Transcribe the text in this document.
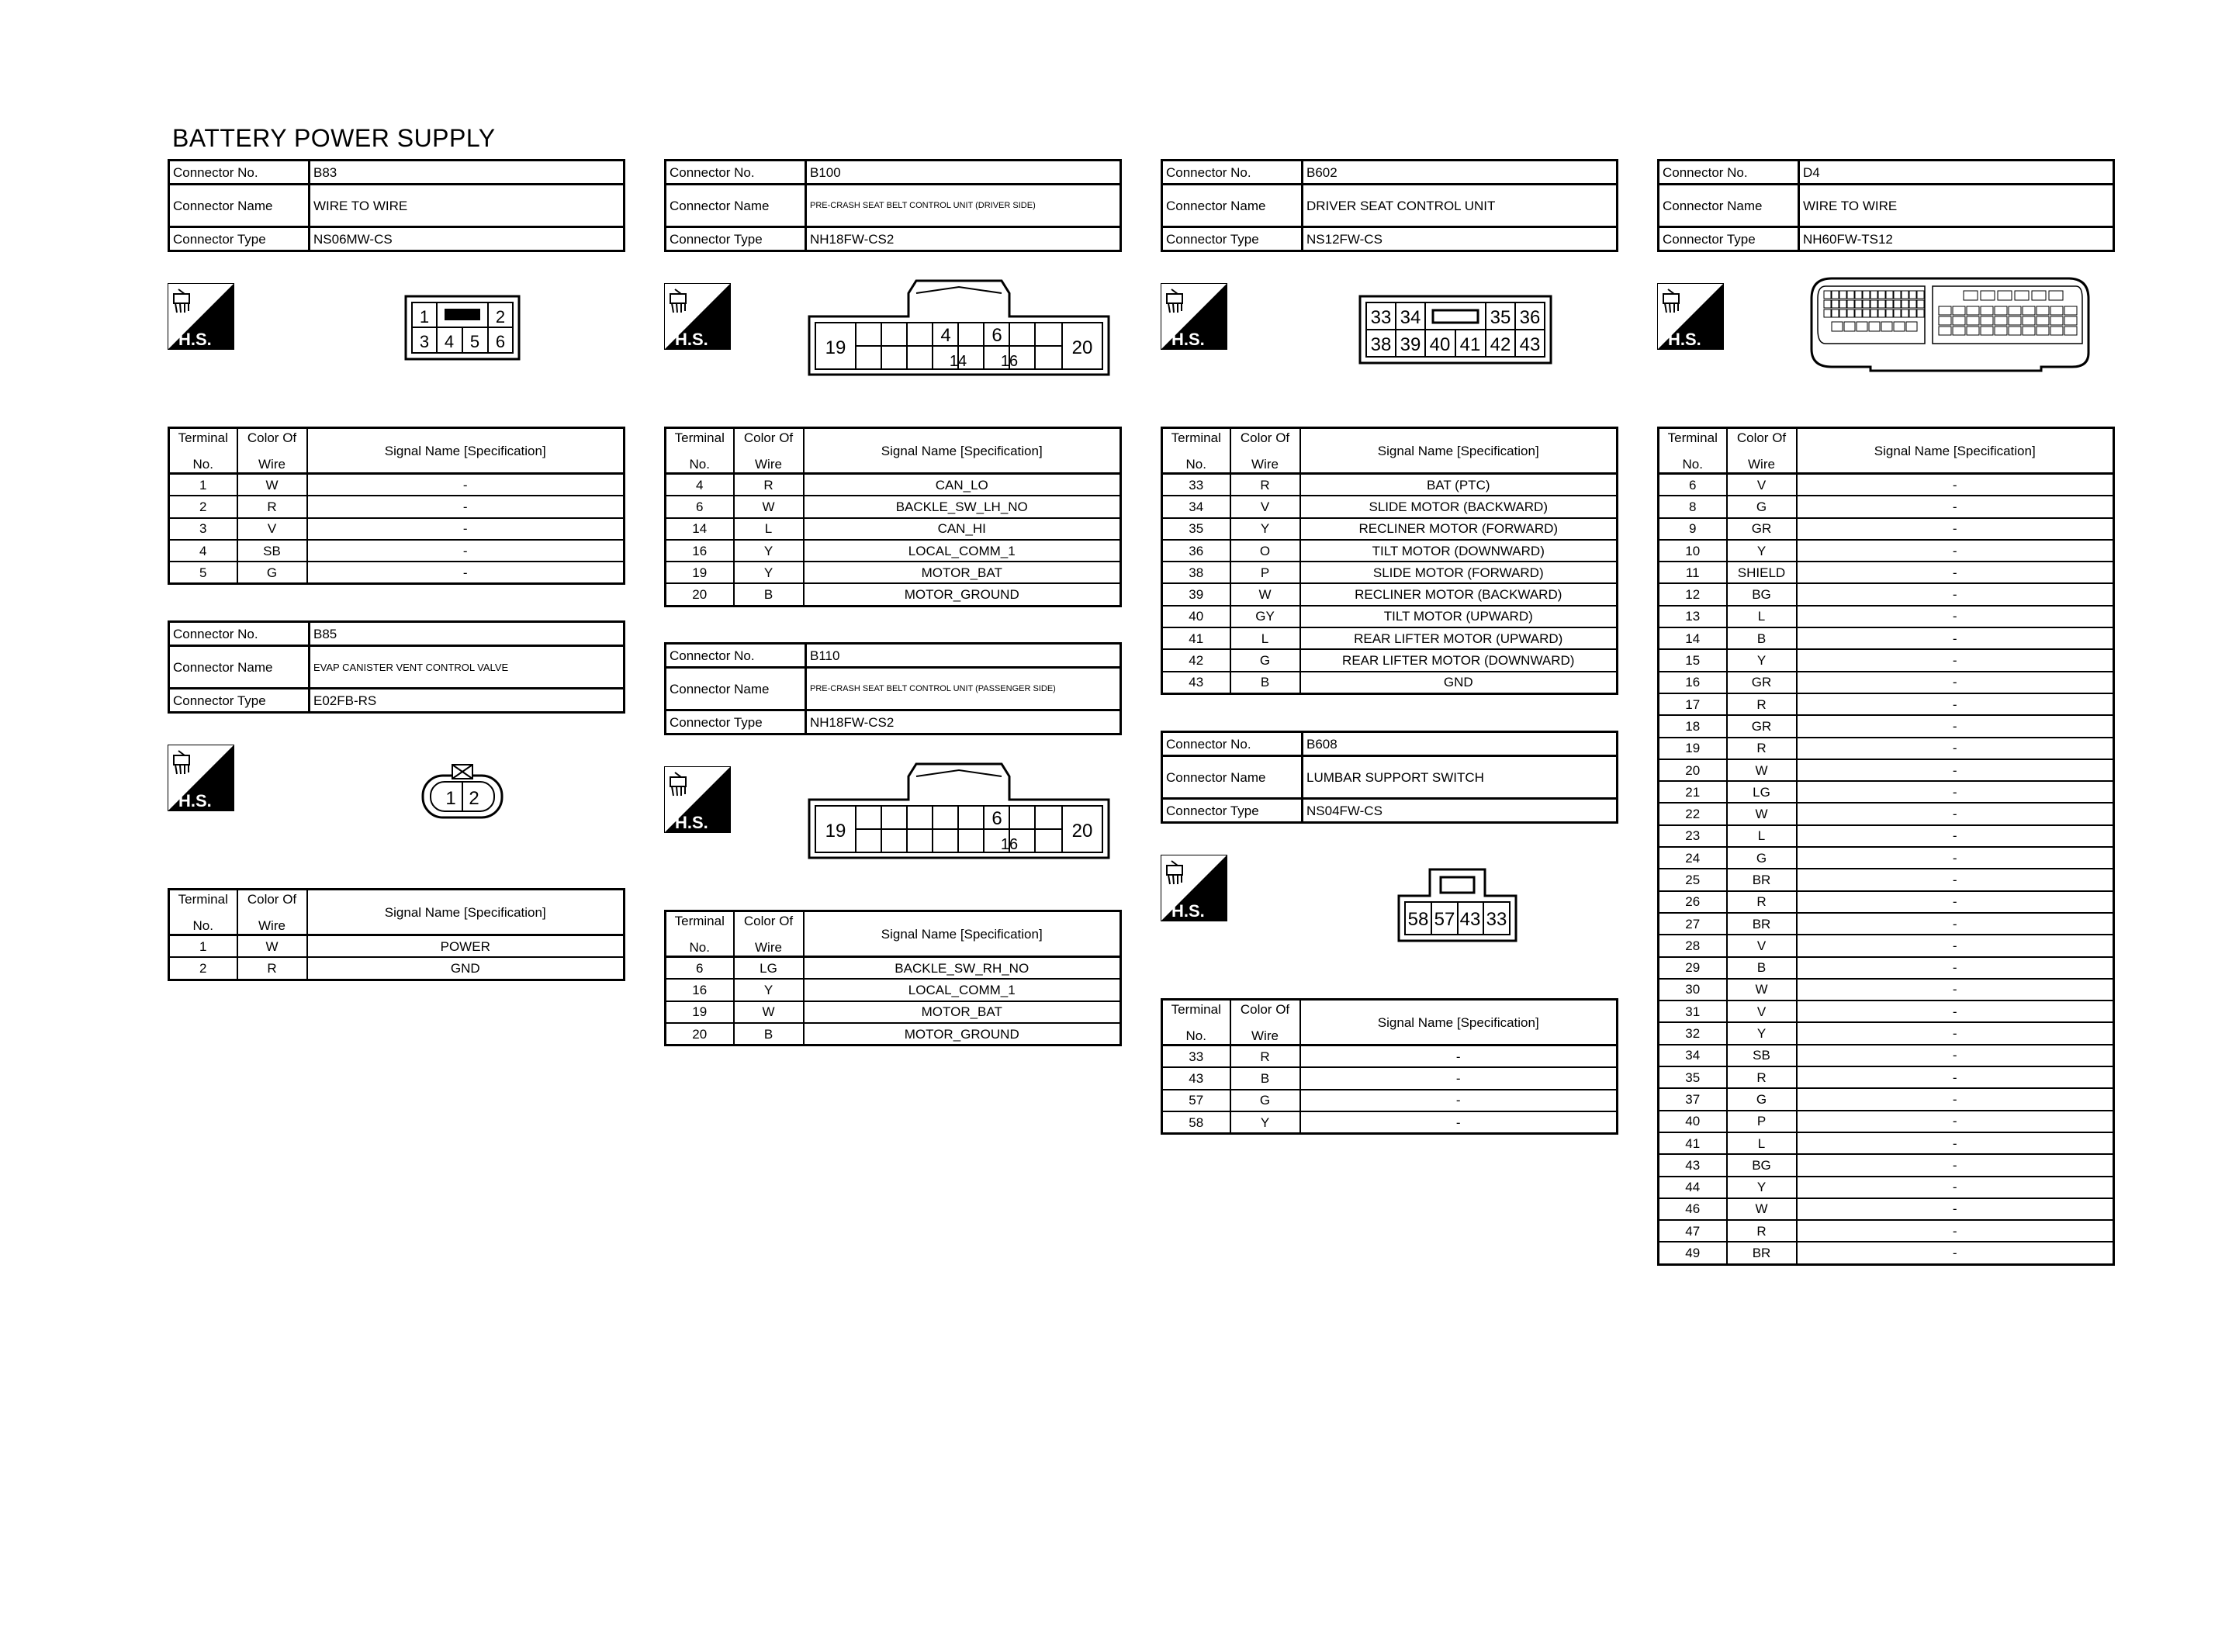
BATTERY POWER SUPPLY
Connector No.	B83
Connector Name	WIRE TO WIRE
Connector Type	NS06MW-CS
H.S.
1	2
3 4 5 6
Terminal

No.	Color Of

Wire	Signal Name [Specification]
1	W	-
2	R	-
3	V	-
4	SB	-
5	G	-
Connector No.	B85
Connector Name	EVAP CANISTER VENT CONTROL VALVE
Connector Type	E02FB-RS
H.S.	1 2
Terminal

No.	Color Of

Wire	Signal Name [Specification]
1	W	POWER
2	R	GND
Connector No.	B100
Connector Name	PRE-CRASH SEAT BELT CONTROL UNIT (DRIVER SIDE)
Connector Type	NH18FW-CS2
H.S.	4 6
19	20
14 16
Terminal

No.	Color Of

Wire	Signal Name [Specification]
4	R	CAN_LO
6	W	BACKLE_SW_LH_NO
14	L	CAN_HI
16	Y	LOCAL_COMM_1
19	Y	MOTOR_BAT
20	B	MOTOR_GROUND
Connector No.	B110
Connector Name	PRE-CRASH SEAT BELT CONTROL UNIT (PASSENGER SIDE)
Connector Type	NH18FW-CS2
H.S.	6
19	20
16
Terminal

No.	Color Of

Wire	Signal Name [Specification]
6	LG	BACKLE_SW_RH_NO
16	Y	LOCAL_COMM_1
19	W	MOTOR_BAT
20	B	MOTOR_GROUND
Connector No.	B602
Connector Name	DRIVER SEAT CONTROL UNIT
Connector Type	NS12FW-CS
H.S.
33 34	35 36
38 39 40 41 42 43
Terminal

No.	Color Of

Wire	Signal Name [Specification]
33	R	BAT (PTC)
34	V	SLIDE MOTOR (BACKWARD)
35	Y	RECLINER MOTOR (FORWARD)
36	O	TILT MOTOR (DOWNWARD)
38	P	SLIDE MOTOR (FORWARD)
39	W	RECLINER MOTOR (BACKWARD)
40	GY	TILT MOTOR (UPWARD)
41	L	REAR LIFTER MOTOR (UPWARD)
42	G	REAR LIFTER MOTOR (DOWNWARD)
43	B	GND
Connector No.	B608
Connector Name	LUMBAR SUPPORT SWITCH
Connector Type	NS04FW-CS
H.S.	58 57 43 33
Terminal

No.	Color Of

Wire	Signal Name [Specification]
33	R	-
43	B	-
57	G	-
58	Y	-
Connector No.	D4
Connector Name	WIRE TO WIRE
Connector Type	NH60FW-TS12
H.S.
Terminal

No.	Color Of

Wire	Signal Name [Specification]
6	V	-
8	G	-
9	GR	-
10	Y	-
11	SHIELD	-
12	BG	-
13	L	-
14	B	-
15	Y	-
16	GR	-
17	R	-
18	GR	-
19	R	-
20	W	-
21	LG	-
22	W	-
23	L	-
24	G	-
25	BR	-
26	R	-
27	BR	-
28	V	-
29	B	-
30	W	-
31	V	-
32	Y	-
34	SB	-
35	R	-
37	G	-
40	P	-
41	L	-
43	BG	-
44	Y	-
46	W	-
47	R	-
49	BR	-
